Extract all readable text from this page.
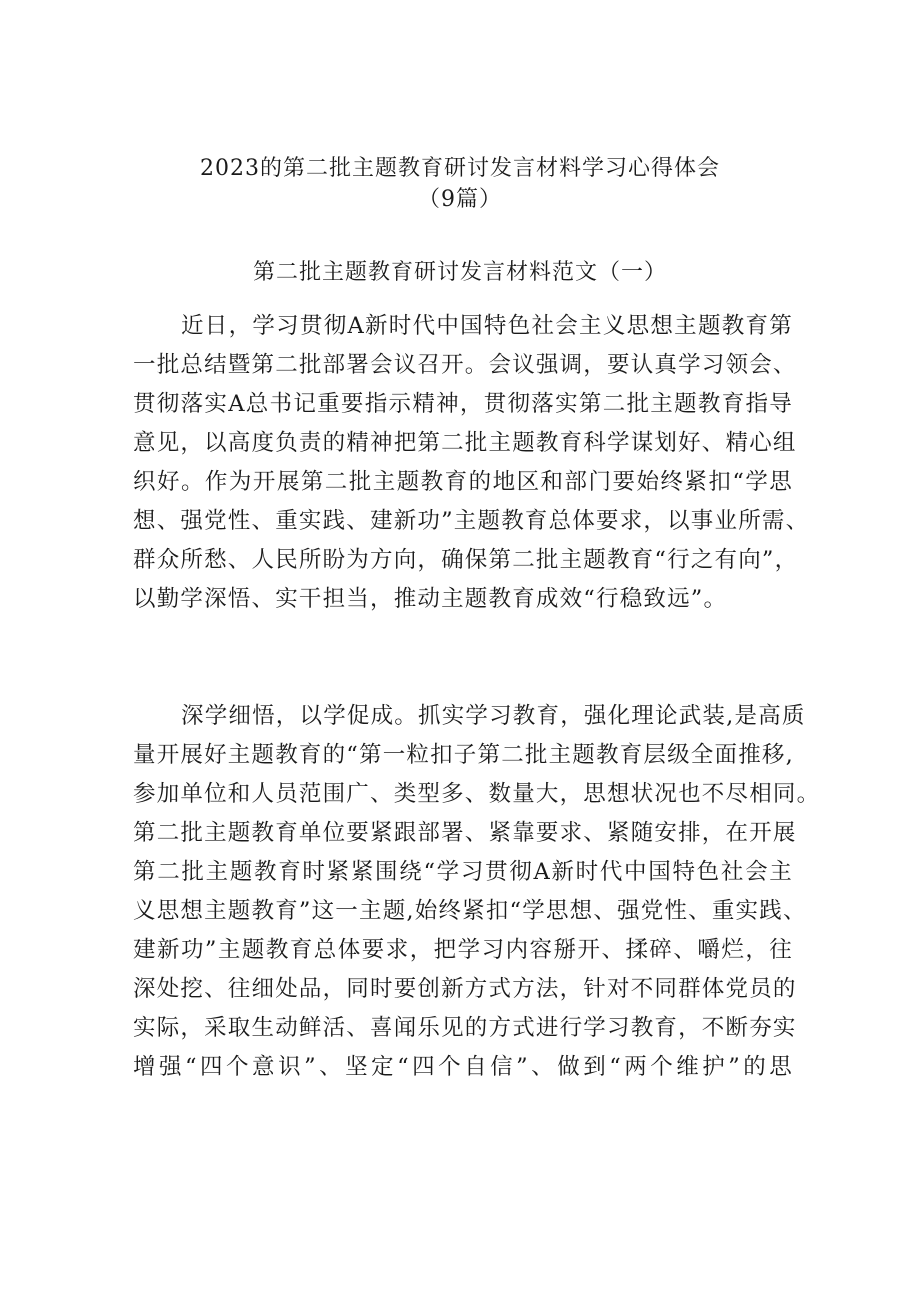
2023的第二批主题教育研讨发言材料学习心得体会
（9篇）
第二批主题教育研讨发言材料范文（一）
近日，学习贯彻A新时代中国特色社会主义思想主题教育第
一批总结暨第二批部署会议召开。会议强调，要认真学习领会、
贯彻落实A总书记重要指示精神，贯彻落实第二批主题教育指导
意见，以高度负责的精神把第二批主题教育科学谋划好、精心组
织好。作为开展第二批主题教育的地区和部门要始终紧扣“学思
想、强党性、重实践、建新功”主题教育总体要求，以事业所需、
群众所愁、人民所盼为方向，确保第二批主题教育“行之有向”，
以勤学深悟、实干担当，推动主题教育成效“行稳致远”。
深学细悟，以学促成。抓实学习教育，强化理论武装,是高质
量开展好主题教育的“第一粒扣子第二批主题教育层级全面推移,
参加单位和人员范围广、类型多、数量大，思想状况也不尽相同。
第二批主题教育单位要紧跟部署、紧靠要求、紧随安排，在开展
第二批主题教育时紧紧围绕“学习贯彻A新时代中国特色社会主
义思想主题教育”这一主题,始终紧扣“学思想、强党性、重实践、
建新功”主题教育总体要求，把学习内容掰开、揉碎、嚼烂，往
深处挖、往细处品，同时要创新方式方法，针对不同群体党员的
实际，采取生动鲜活、喜闻乐见的方式进行学习教育，不断夯实
增强“四个意识”、坚定“四个自信”、做到“两个维护”的思
